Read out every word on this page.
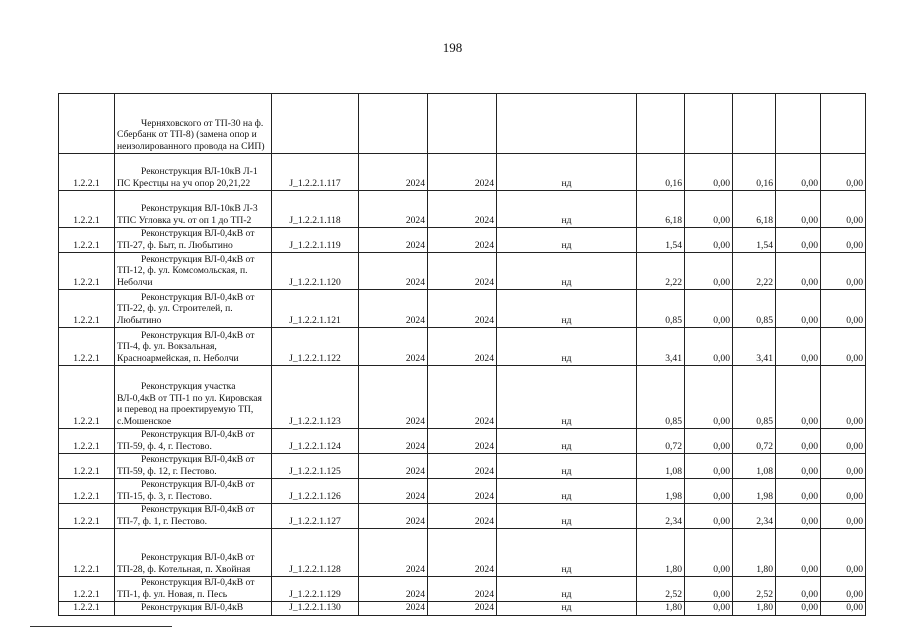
198

	Черняховского от ТП-30 на ф. Сбербанк от ТП-8) (замена опор и неизолированного провода на СИП)									

1.2.2.1	Реконструкция ВЛ-10кВ Л-1 ПС Крестцы на уч опор 20,21,22	J_1.2.2.1.117	2024	2024	нд	0,16	0,00	0,16	0,00	0,00
1.2.2.1	Реконструкция ВЛ-10кВ Л-3 ТПС Угловка уч. от оп 1 до ТП-2	J_1.2.2.1.118	2024	2024	нд	6,18	0,00	6,18	0,00	0,00
1.2.2.1	Реконструкция ВЛ-0,4кВ от ТП-27, ф. Быт, п. Любытино	J_1.2.2.1.119	2024	2024	нд	1,54	0,00	1,54	0,00	0,00
1.2.2.1	Реконструкция ВЛ-0,4кВ от ТП-12, ф. ул. Комсомольская, п. Неболчи	J_1.2.2.1.120	2024	2024	нд	2,22	0,00	2,22	0,00	0,00
1.2.2.1	Реконструкция ВЛ-0,4кВ от ТП-22, ф. ул. Строителей, п. Любытино	J_1.2.2.1.121	2024	2024	нд	0,85	0,00	0,85	0,00	0,00
1.2.2.1	Реконструкция ВЛ-0,4кВ от ТП-4, ф. ул. Вокзальная, Красноармейская, п. Неболчи	J_1.2.2.1.122	2024	2024	нд	3,41	0,00	3,41	0,00	0,00
1.2.2.1	Реконструкция участка ВЛ-0,4кВ от ТП-1 по ул. Кировская и перевод на проектируемую ТП, с.Мошенское	J_1.2.2.1.123	2024	2024	нд	0,85	0,00	0,85	0,00	0,00
1.2.2.1	Реконструкция ВЛ-0,4кВ от ТП-59, ф. 4, г. Пестово.	J_1.2.2.1.124	2024	2024	нд	0,72	0,00	0,72	0,00	0,00
1.2.2.1	Реконструкция ВЛ-0,4кВ от ТП-59, ф. 12, г. Пестово.	J_1.2.2.1.125	2024	2024	нд	1,08	0,00	1,08	0,00	0,00
1.2.2.1	Реконструкция ВЛ-0,4кВ от ТП-15, ф. 3, г. Пестово.	J_1.2.2.1.126	2024	2024	нд	1,98	0,00	1,98	0,00	0,00
1.2.2.1	Реконструкция ВЛ-0,4кВ от ТП-7, ф. 1, г. Пестово.	J_1.2.2.1.127	2024	2024	нд	2,34	0,00	2,34	0,00	0,00
1.2.2.1	Реконструкция ВЛ-0,4кВ от ТП-28, ф. Котельная, п. Хвойная	J_1.2.2.1.128	2024	2024	нд	1,80	0,00	1,80	0,00	0,00
1.2.2.1	Реконструкция ВЛ-0,4кВ от ТП-1, ф. ул. Новая, п. Песь	J_1.2.2.1.129	2024	2024	нд	2,52	0,00	2,52	0,00	0,00
1.2.2.1	Реконструкция ВЛ-0,4кВ	J_1.2.2.1.130	2024	2024	нд	1,80	0,00	1,80	0,00	0,00
